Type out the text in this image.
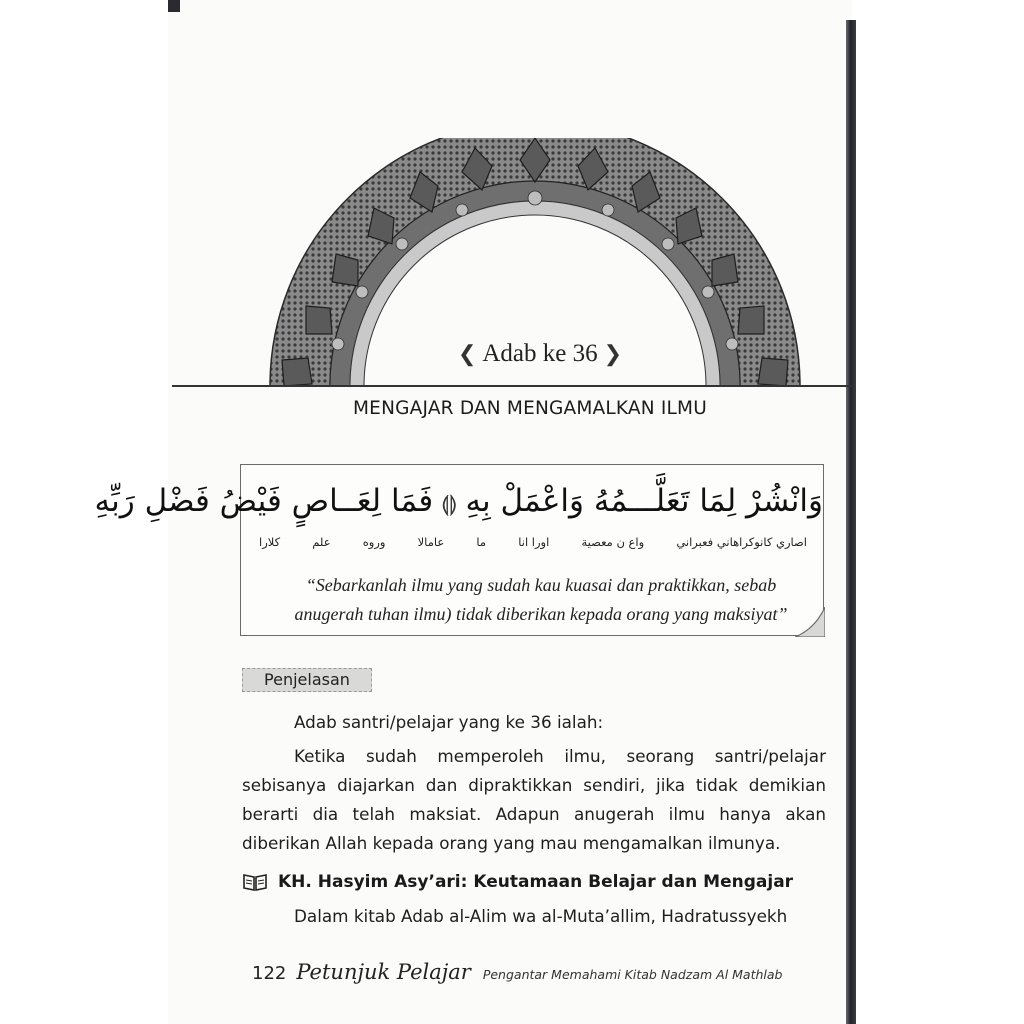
❮ Adab ke 36 ❯
MENGAJAR DAN MENGAMALKAN ILMU
وَانْشُرْ لِمَا تَعَلَّـــمُهُ وَاعْمَلْ بِهِ⟬⟭فَمَا لِعَــاصٍ فَيْضُ فَضْلِ رَبِّهِ
كلارا	علم	وروه	عامالا	ما	اورا انا	واع ن معصية	اصاري كانوكراهاني فعبراني
“Sebarkanlah ilmu yang sudah kau kuasai dan praktikkan, sebab anugerah tuhan ilmu) tidak diberikan kepada orang yang maksiyat”
Penjelasan
Adab santri/pelajar yang ke 36 ialah:
Ketika sudah memperoleh ilmu, seorang santri/pelajar sebisanya diajarkan dan dipraktikkan sendiri, jika tidak demikian berarti dia telah maksiat. Adapun anugerah ilmu hanya akan diberikan Allah kepada orang yang mau mengamalkan ilmunya.
KH. Hasyim Asy’ari: Keutamaan Belajar dan Mengajar
Dalam kitab Adab al-Alim wa al-Muta’allim, Hadratussyekh
122 Petunjuk Pelajar Pengantar Memahami Kitab Nadzam Al Mathlab
